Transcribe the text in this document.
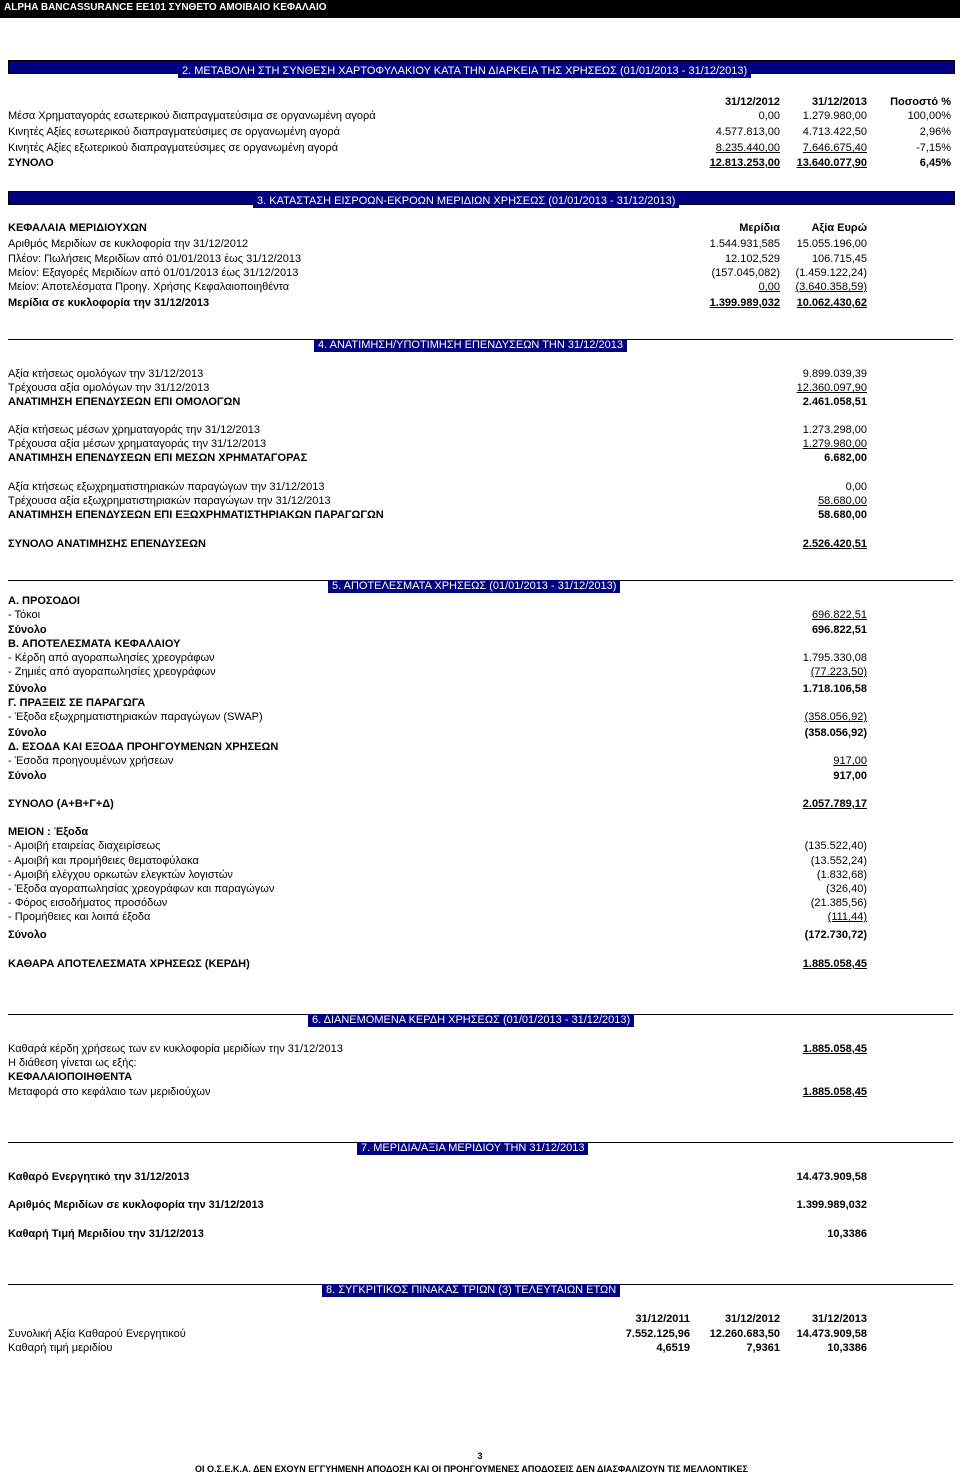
ALPHA BANCASSURANCE ΕΕ101 ΣΥΝΘΕΤΟ ΑΜΟΙΒΑΙΟ ΚΕΦΑΛΑΙΟ
2. ΜΕΤΑΒΟΛΗ ΣΤΗ ΣΥΝΘΕΣΗ ΧΑΡΤΟΦΥΛΑΚΙΟΥ ΚΑΤΑ ΤΗΝ ΔΙΑΡΚΕΙΑ ΤΗΣ ΧΡΗΣΕΩΣ (01/01/2013 - 31/12/2013)
31/12/2012	31/12/2013	Ποσοστό %
Μέσα Χρηματαγοράς εσωτερικού διαπραγματεύσιμα σε οργανωμένη αγορά	0,00	1.279.980,00	100,00%
Κινητές Αξίες εσωτερικού διαπραγματεύσιμες σε οργανωμένη αγορά	4.577.813,00	4.713.422,50	2,96%
Κινητές Αξίες εξωτερικού διαπραγματεύσιμες σε οργανωμένη αγορά	8.235.440,00	7.646.675,40	-7,15%
ΣΥΝΟΛΟ	12.813.253,00	13.640.077,90	6,45%
3. ΚΑΤΑΣΤΑΣΗ ΕΙΣΡΟΩΝ-ΕΚΡΟΩΝ ΜΕΡΙΔΙΩΝ ΧΡΗΣΕΩΣ (01/01/2013 - 31/12/2013)
ΚΕΦΑΛΑΙΑ ΜΕΡΙΔΙΟΥΧΩΝ	Μερίδια	Αξία Ευρώ
Αριθμός Μεριδίων σε κυκλοφορία την 31/12/2012	1.544.931,585	15.055.196,00
Πλέον: Πωλήσεις Μεριδίων από 01/01/2013 έως 31/12/2013	12.102,529	106.715,45
Μείον: Εξαγορές Μεριδίων από 01/01/2013 έως 31/12/2013	(157.045,082)	(1.459.122,24)
Μείον: Αποτελέσματα Προηγ. Χρήσης Κεφαλαιοποιηθέντα	0,00	(3.640.358,59)
Μερίδια σε κυκλοφορία την 31/12/2013	1.399.989,032	10.062.430,62
4. ΑΝΑΤΙΜΗΣΗ/ΥΠΟΤΙΜΗΣΗ ΕΠΕΝΔΥΣΕΩΝ ΤΗΝ 31/12/2013
Αξία κτήσεως ομολόγων την 31/12/2013	9.899.039,39
Τρέχουσα αξία ομολόγων την 31/12/2013	12.360.097,90
ΑΝΑΤΙΜΗΣΗ ΕΠΕΝΔΥΣΕΩΝ ΕΠΙ ΟΜΟΛΟΓΩΝ	2.461.058,51
Αξία κτήσεως μέσων χρηματαγοράς την 31/12/2013	1.273.298,00
Τρέχουσα αξία μέσων χρηματαγοράς την 31/12/2013	1.279.980,00
ΑΝΑΤΙΜΗΣΗ ΕΠΕΝΔΥΣΕΩΝ ΕΠΙ ΜΕΣΩΝ ΧΡΗΜΑΤΑΓΟΡΑΣ	6.682,00
Αξία κτήσεως εξωχρηματιστηριακών παραγώγων την 31/12/2013	0,00
Τρέχουσα αξία εξωχρηματιστηριακών παραγώγων την 31/12/2013	58.680,00
ΑΝΑΤΙΜΗΣΗ ΕΠΕΝΔΥΣΕΩΝ ΕΠΙ ΕΞΩΧΡΗΜΑΤΙΣΤΗΡΙΑΚΩΝ ΠΑΡΑΓΩΓΩΝ	58.680,00
ΣΥΝΟΛΟ ΑΝΑΤΙΜΗΣΗΣ ΕΠΕΝΔΥΣΕΩΝ	2.526.420,51
5. ΑΠΟΤΕΛΕΣΜΑΤΑ ΧΡΗΣΕΩΣ (01/01/2013 - 31/12/2013)
Α. ΠΡΟΣΟΔΟΙ
- Τόκοι	696.822,51
Σύνολο	696.822,51
Β. ΑΠΟΤΕΛΕΣΜΑΤΑ ΚΕΦΑΛΑΙΟΥ
- Κέρδη από αγοραπωλησίες χρεογράφων	1.795.330,08
- Ζημιές από αγοραπωλησίες χρεογράφων	(77.223,50)
Σύνολο	1.718.106,58
Γ. ΠΡΑΞΕΙΣ ΣΕ ΠΑΡΑΓΩΓΑ
- Έξοδα εξωχρηματιστηριακών παραγώγων (SWAP)	(358.056,92)
Σύνολο	(358.056,92)
Δ. ΕΣΟΔΑ ΚΑΙ ΕΞΟΔΑ ΠΡΟΗΓΟΥΜΕΝΩΝ ΧΡΗΣΕΩΝ
- Έσοδα προηγουμένων χρήσεων	917,00
Σύνολο	917,00
ΣΥΝΟΛΟ (Α+Β+Γ+Δ)	2.057.789,17
ΜΕΙΟΝ : Έξοδα
- Αμοιβή εταιρείας διαχειρίσεως	(135.522,40)
- Αμοιβή και προμήθειες θεματοφύλακα	(13.552,24)
- Αμοιβή ελέγχου ορκωτών ελεγκτών λογιστών	(1.832,68)
- Έξοδα αγοραπωλησίας χρεογράφων και παραγώγων	(326,40)
- Φόρος εισοδήματος προσόδων	(21.385,56)
- Προμήθειες και λοιπά έξοδα	(111,44)
Σύνολο	(172.730,72)
ΚΑΘΑΡΑ ΑΠΟΤΕΛΕΣΜΑΤΑ ΧΡΗΣΕΩΣ (ΚΕΡΔΗ)	1.885.058,45
6. ΔΙΑΝΕΜΟΜΕΝΑ ΚΕΡΔΗ ΧΡΗΣΕΩΣ (01/01/2013 - 31/12/2013)
Καθαρά κέρδη χρήσεως των εν κυκλοφορία μεριδίων την 31/12/2013	1.885.058,45
Η διάθεση γίνεται ως εξής:
ΚΕΦΑΛΑΙΟΠΟΙΗΘΕΝΤΑ
Μεταφορά στο κεφάλαιο των μεριδιούχων	1.885.058,45
7. ΜΕΡΙΔΙΑ/ΑΞΙΑ ΜΕΡΙΔΙΟΥ ΤΗΝ 31/12/2013
Καθαρό Ενεργητικό την 31/12/2013	14.473.909,58
Αριθμός Μεριδίων σε κυκλοφορία την 31/12/2013	1.399.989,032
Καθαρή Τιμή Μεριδίου την 31/12/2013	10,3386
8. ΣΥΓΚΡΙΤΙΚΟΣ ΠΙΝΑΚΑΣ ΤΡΙΩΝ (3) ΤΕΛΕΥΤΑΙΩΝ ΕΤΩΝ
31/12/2011	31/12/2012	31/12/2013
Συνολική Αξία Καθαρού Ενεργητικού	7.552.125,96	12.260.683,50	14.473.909,58
Καθαρή τιμή μεριδίου	4,6519	7,9361	10,3386
3
ΟΙ Ο.Σ.Ε.Κ.Α. ΔΕΝ ΕΧΟΥΝ ΕΓΓΥΗΜΕΝΗ ΑΠΟΔΟΣΗ ΚΑΙ ΟΙ ΠΡΟΗΓΟΥΜΕΝΕΣ ΑΠΟΔΟΣΕΙΣ ΔΕΝ ΔΙΑΣΦΑΛΙΖΟΥΝ ΤΙΣ ΜΕΛΛΟΝΤΙΚΕΣ
